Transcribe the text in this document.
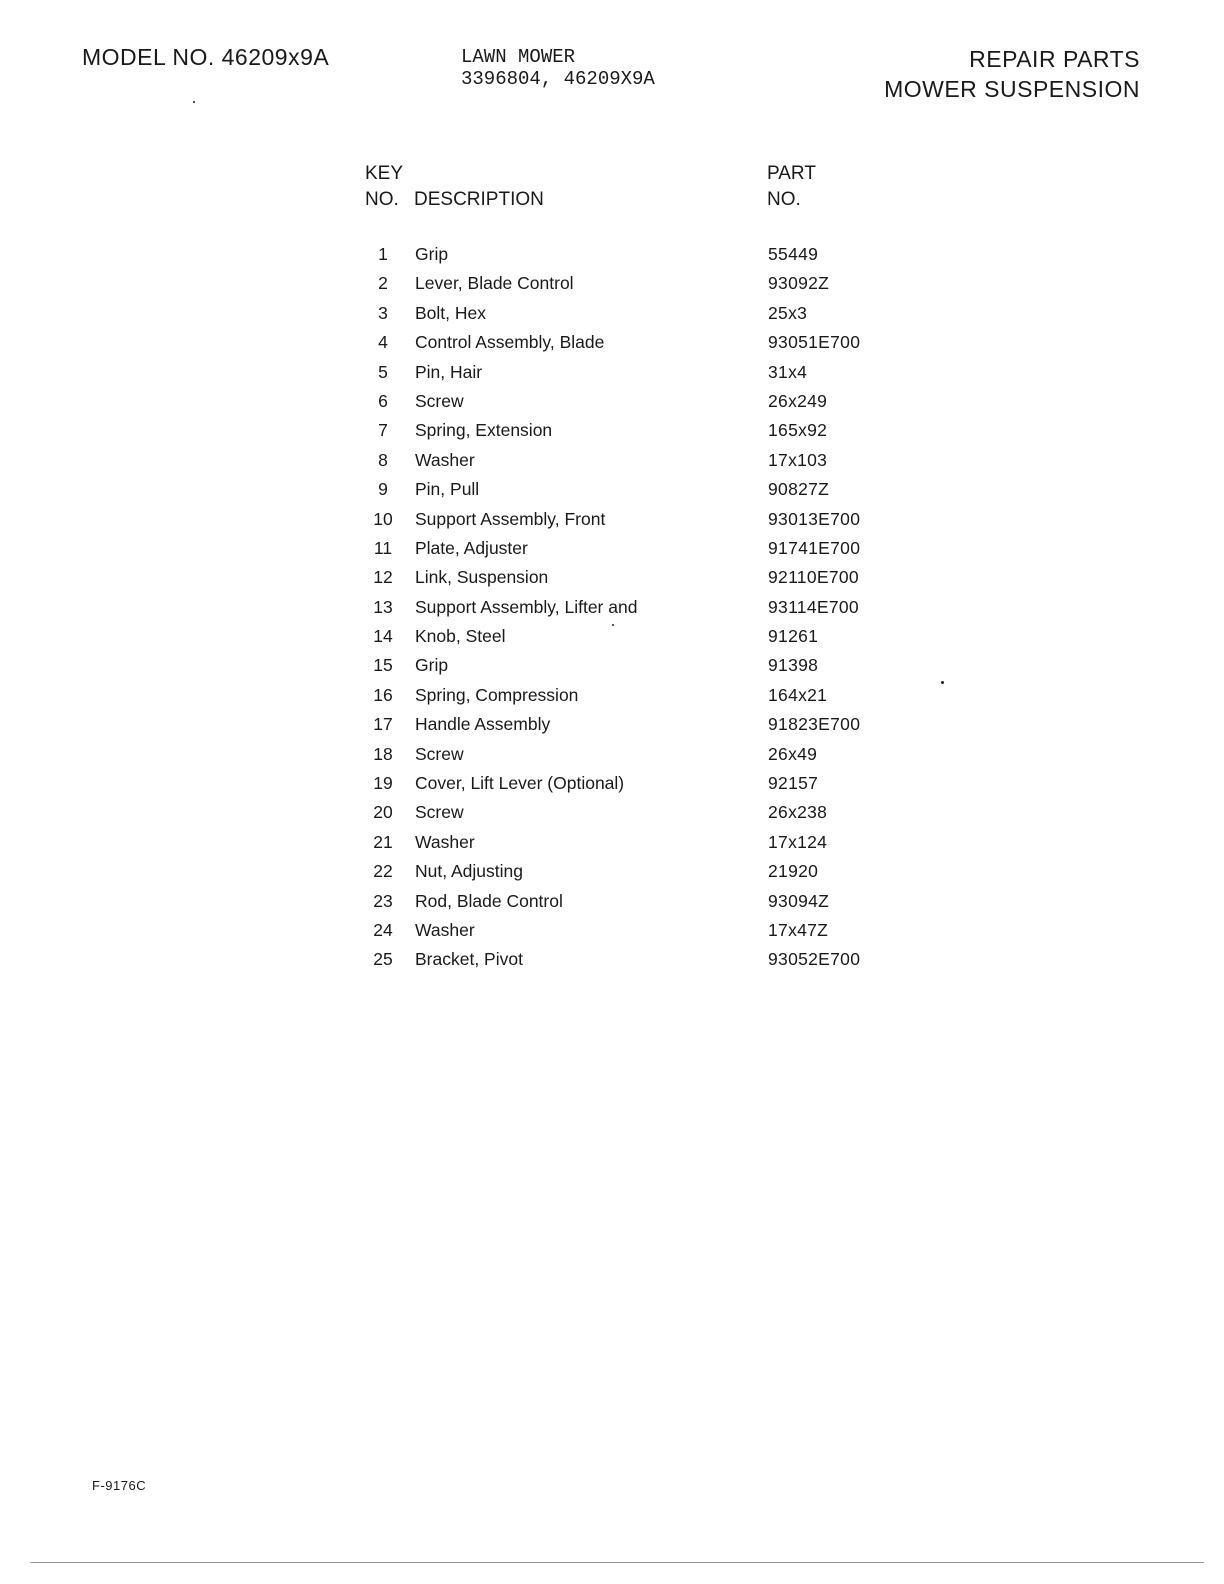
MODEL NO. 46209x9A	LAWN MOWER
3396804, 46209X9A
REPAIR PARTS
MOWER SUSPENSION
KEY
NO. DESCRIPTION
PART
NO.
1	Grip	55449
2	Lever, Blade Control	93092Z
3	Bolt, Hex	25x3
4	Control Assembly, Blade	93051E700
5	Pin, Hair	31x4
6	Screw	26x249
7	Spring, Extension	165x92
8	Washer	17x103
9	Pin, Pull	90827Z
10	Support Assembly, Front	93013E700
11	Plate, Adjuster	91741E700
12	Link, Suspension	92110E700
13	Support Assembly, Lifter and	93114E700
14	Knob, Steel	91261
15	Grip	91398
16	Spring, Compression	164x21
17	Handle Assembly	91823E700
18	Screw	26x49
19	Cover, Lift Lever (Optional)	92157
20	Screw	26x238
21	Washer	17x124
22	Nut, Adjusting	21920
23	Rod, Blade Control	93094Z
24	Washer	17x47Z
25	Bracket, Pivot	93052E700
F-9176C
